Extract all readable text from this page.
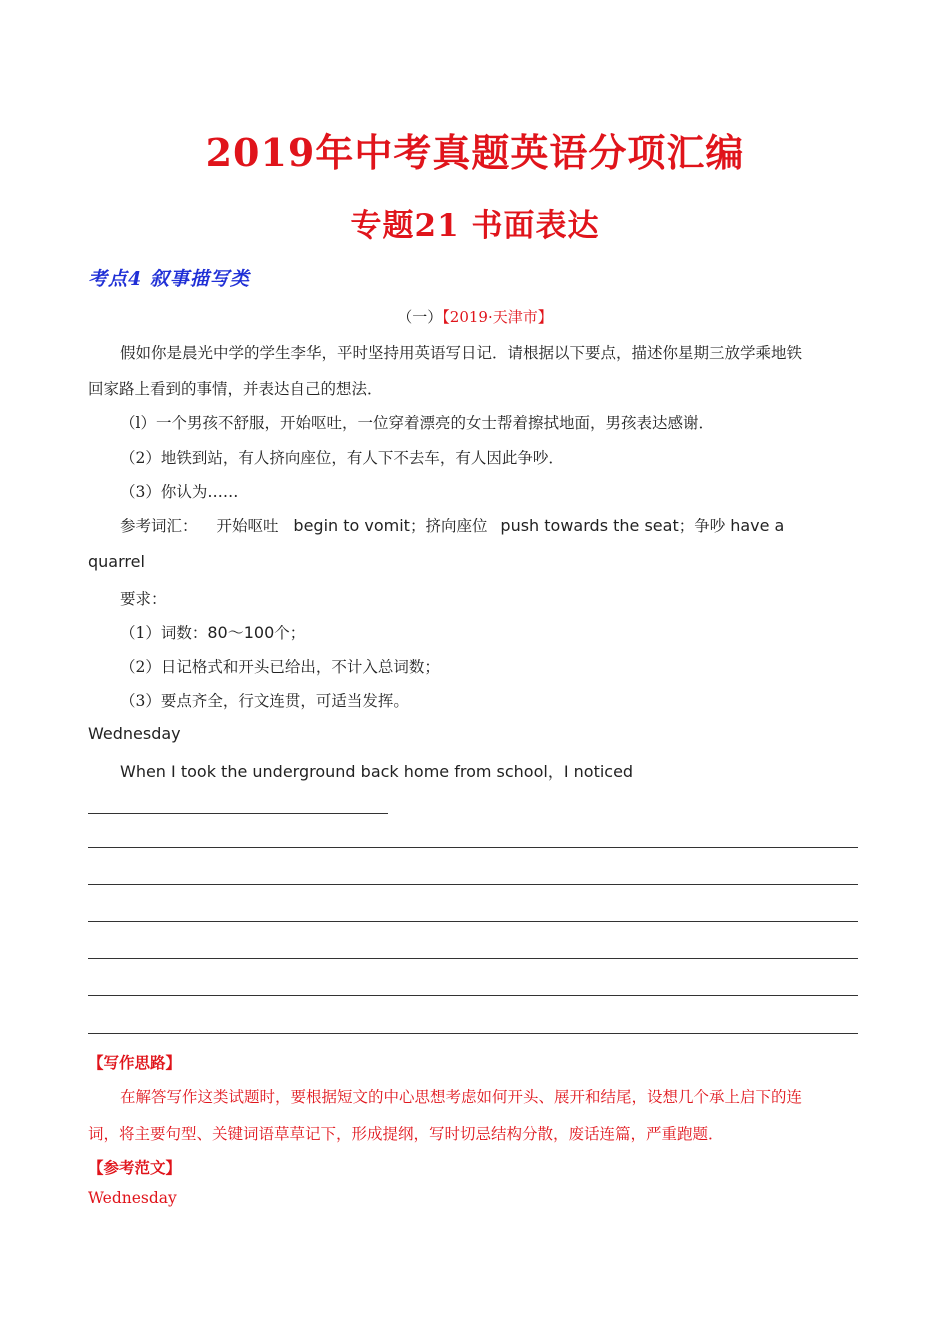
2019年中考真题英语分项汇编
专题21 书面表达
考点4 叙事描写类
（一）【2019·天津市】
假如你是晨光中学的学生李华，平时坚持用英语写日记．请根据以下要点，描述你星期三放学乘地铁
回家路上看到的事情，并表达自己的想法．
（l）一个男孩不舒服，开始呕吐，一位穿着漂亮的女士帮着擦拭地面，男孩表达感谢．
（2）地铁到站，有人挤向座位，有人下不去车，有人因此争吵．
（3）你认为……
参考词汇： 开始呕吐 begin to vomit；挤向座位 push towards the seat；争吵 have a
quarrel
要求：
（1）词数：80～100个；
（2）日记格式和开头已给出，不计入总词数；
（3）要点齐全，行文连贯，可适当发挥。
Wednesday
When I took the underground back home from school，I noticed
【写作思路】
在解答写作这类试题时，要根据短文的中心思想考虑如何开头、展开和结尾，设想几个承上启下的连
词，将主要句型、关键词语草草记下，形成提纲，写时切忌结构分散，废话连篇，严重跑题．
【参考范文】
Wednesday
